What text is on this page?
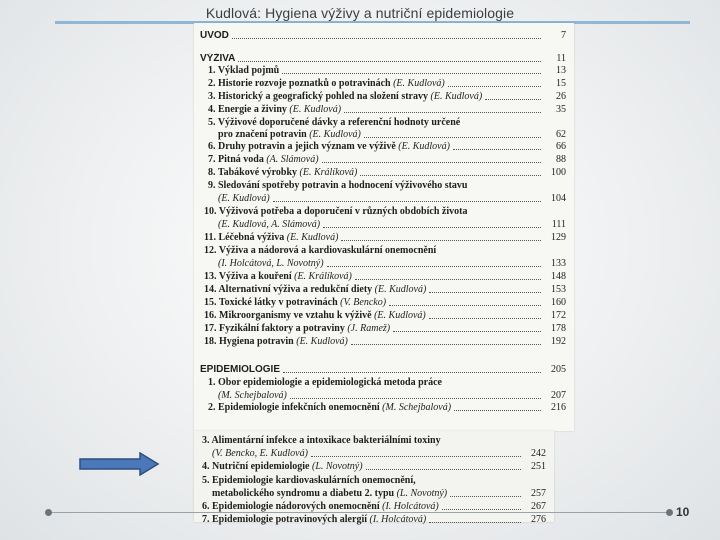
Kudlová: Hygiena výživy a nutriční epidemiologie
ÚVOD	7
VÝŽIVA	11
1. Výklad pojmů	13
2. Historie rozvoje poznatků o potravinách (E. Kudlová)	15
3. Historický a geografický pohled na složení stravy (E. Kudlová)	26
4. Energie a živiny (E. Kudlová)	35
5. Výživové doporučené dávky a referenční hodnoty určené
pro značení potravin (E. Kudlová)	62
6. Druhy potravin a jejich význam ve výživě (E. Kudlová)	66
7. Pitná voda (A. Slámová)	88
8. Tabákové výrobky (E. Králíková)	100
9. Sledování spotřeby potravin a hodnocení výživového stavu
(E. Kudlová)	104
10. Výživová potřeba a doporučení v různých obdobích života
(E. Kudlová, A. Slámová)	111
11. Léčebná výživa (E. Kudlová)	129
12. Výživa a nádorová a kardiovaskulární onemocnění
(I. Holcátová, L. Novotný)	133
13. Výživa a kouření (E. Králíková)	148
14. Alternativní výživa a redukční diety (E. Kudlová)	153
15. Toxické látky v potravinách (V. Bencko)	160
16. Mikroorganismy ve vztahu k výživě (E. Kudlová)	172
17. Fyzikální faktory a potraviny (J. Ramež)	178
18. Hygiena potravin (E. Kudlová)	192
EPIDEMIOLOGIE	205
1. Obor epidemiologie a epidemiologická metoda práce
(M. Schejbalová)	207
2. Epidemiologie infekčních onemocnění (M. Schejbalová)	216
3. Alimentární infekce a intoxikace bakteriálními toxiny
(V. Bencko, E. Kudlová)	242
4. Nutriční epidemiologie (L. Novotný)	251
5. Epidemiologie kardiovaskulárních onemocnění,
metabolického syndromu a diabetu 2. typu (L. Novotný)	257
6. Epidemiologie nádorových onemocnění (I. Holcátová)	267
7. Epidemiologie potravinových alergií (I. Holcátová)	276
10
